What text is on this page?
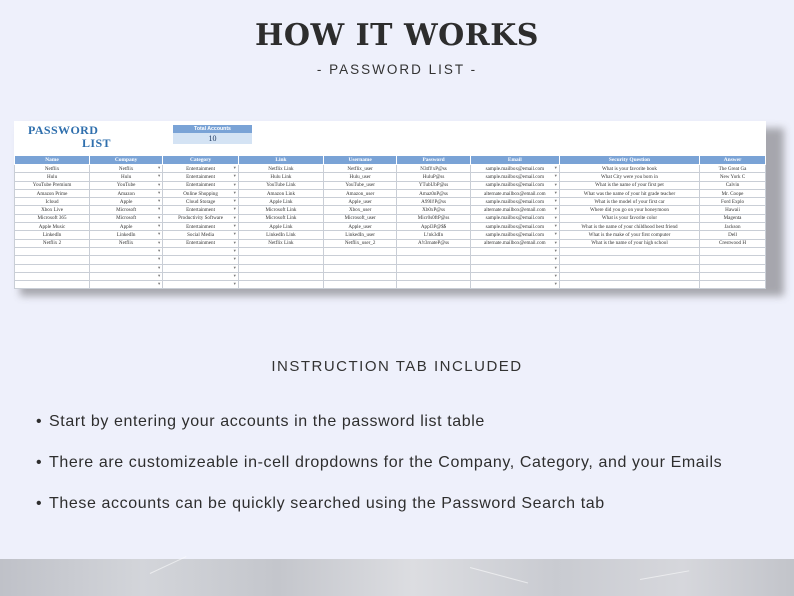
HOW IT WORKS
- PASSWORD LIST -
PASSWORD
LIST
Total Accounts
10
Name	Company	Category	Link	Username	Password	Email	Security Question	Answer
Netflix	Netflix ▾	Entertainment ▾	Netflix Link	Netflix_user	N3tfl!xP@ss	sample.mailbox@email.com ▾	What is your favorite book	The Great Ga
Hulu	Hulu ▾	Entertainment ▾	Hulu Link	Hulu_user	HuluP@ss	sample.mailbox@email.com ▾	What City were you born in	New York C
YouTube Premium	YouTube ▾	Entertainment ▾	YouTube Link	YouTube_user	YTubUbP@ss	sample.mailbox@email.com ▾	What is the name of your first pet	Calvin
Amazon Prime	Amazon ▾	Online Shopping ▾	Amazon Link	Amazon_user	Amaz0nP@ss	alternate.mailbox@email.com ▾	What was the name of your hit grade teacher	Mr. Coope
Icloud	Apple ▾	Cloud Storage ▾	Apple Link	Apple_user	A99ll!P@ss	sample.mailbox@email.com ▾	What is the model of your first car	Ford Explo
Xbox Live	Microsoft ▾	Entertainment ▾	Microsoft Link	Xbox_user	Xb0xP@ss	alternate.mailbox@email.com ▾	Where did you go on your honeymoon	Hawaii
Microsoft 365	Microsoft ▾	Productivity Software ▾	Microsoft Link	Microsoft_user	Micr0s0ftP@ss	sample.mailbox@email.com ▾	What is your favorite color	Magenta
Apple Music	Apple ▾	Entertainment ▾	Apple Link	Apple_user	Appl3P@$$	sample.mailbox@email.com ▾	What is the name of your childhood best friend	Jackson
LinkedIn	LinkedIn ▾	Social Media ▾	LinkedIn Link	LinkedIn_user	L!nk3dIn	sample.mailbox@email.com ▾	What is the make of your first computer	Dell
Netflix 2	Netflix ▾	Entertainment ▾	Netflix Link	Netflix_user_2	A!t3rnateP@ss	alternate.mailbox@email.com ▾	What is the name of your high school	Crestwood H
	▾	▾				▾		
	▾	▾				▾		
	▾	▾				▾		
	▾	▾				▾		
	▾	▾				▾		
INSTRUCTION TAB INCLUDED
• Start by entering your accounts in the password list table
• There are customizeable in-cell dropdowns for the Company, Category, and your Emails
• These accounts can be quickly searched using the Password Search tab
